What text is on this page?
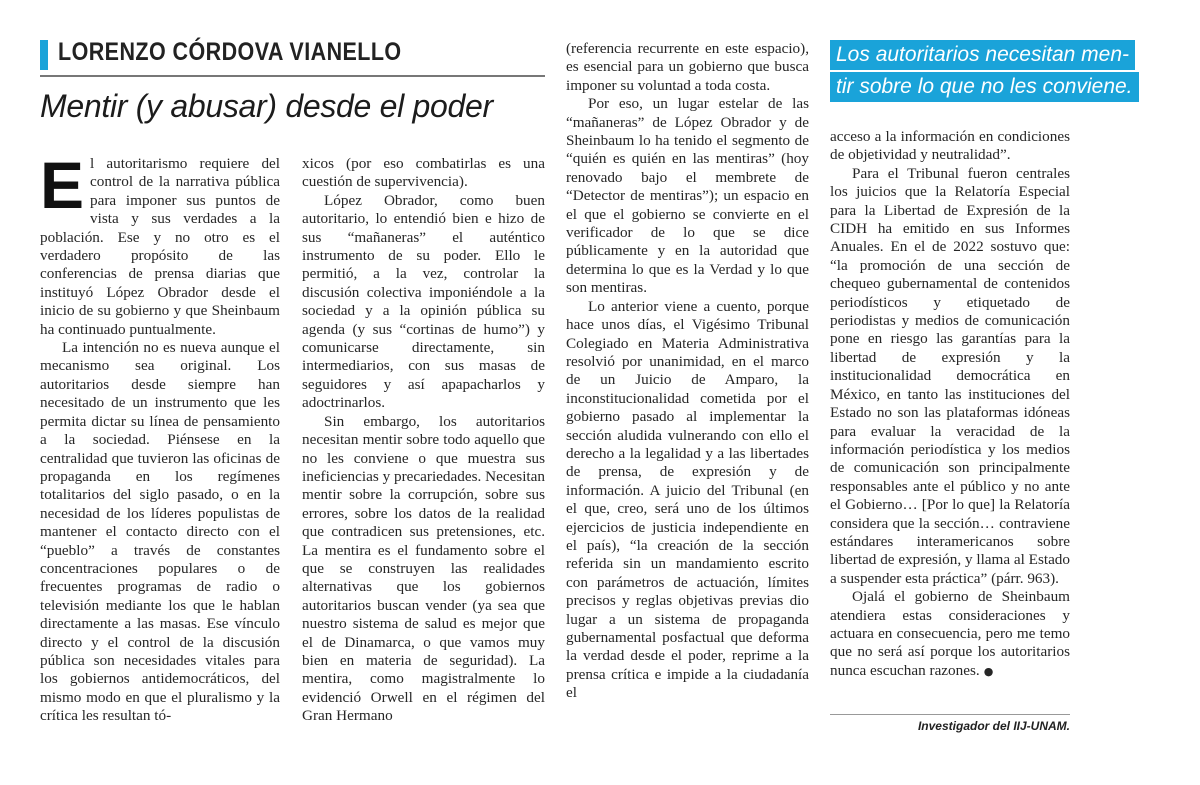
LORENZO CÓRDOVA VIANELLO
Mentir (y abusar) desde el poder

El autoritarismo requiere del control de la narrativa pública para imponer sus puntos de vista y sus verdades a la población. Ese y no otro es el verdadero propósito de las conferencias de prensa diarias que instituyó López Obrador desde el inicio de su gobierno y que Sheinbaum ha continuado puntualmente.

La intención no es nueva aunque el mecanismo sea original. Los autoritarios desde siempre han necesitado de un instrumento que les permita dictar su línea de pensamiento a la sociedad. Piénsese en la centralidad que tuvieron las oficinas de propaganda en los regímenes totalitarios del siglo pasado, o en la necesidad de los líderes populistas de mantener el contacto directo con el “pueblo” a través de constantes concentraciones populares o de frecuentes programas de radio o televisión mediante los que le hablan directamente a las masas. Ese vínculo directo y el control de la discusión pública son necesidades vitales para los gobiernos antidemocráticos, del mismo modo en que el pluralismo y la crítica les resultan tó-

xicos (por eso combatirlas es una cuestión de supervivencia).

López Obrador, como buen autoritario, lo entendió bien e hizo de sus “mañaneras” el auténtico instrumento de su poder. Ello le permitió, a la vez, controlar la discusión colectiva imponiéndole a la sociedad y a la opinión pública su agenda (y sus “cortinas de humo”) y comunicarse directamente, sin intermediarios, con sus masas de seguidores y así apapacharlos y adoctrinarlos.

Sin embargo, los autoritarios necesitan mentir sobre todo aquello que no les conviene o que muestra sus ineficiencias y precariedades. Necesitan mentir sobre la corrupción, sobre sus errores, sobre los datos de la realidad que contradicen sus pretensiones, etc. La mentira es el fundamento sobre el que se construyen las realidades alternativas que los gobiernos autoritarios buscan vender (ya sea que nuestro sistema de salud es mejor que el de Dinamarca, o que vamos muy bien en materia de seguridad). La mentira, como magistralmente lo evidenció Orwell en el régimen del Gran Hermano

(referencia recurrente en este espacio), es esencial para un gobierno que busca imponer su voluntad a toda costa.

Por eso, un lugar estelar de las “mañaneras” de López Obrador y de Sheinbaum lo ha tenido el segmento de “quién es quién en las mentiras” (hoy renovado bajo el membrete de “Detector de mentiras”); un espacio en el que el gobierno se convierte en el verificador de lo que se dice públicamente y en la autoridad que determina lo que es la Verdad y lo que son mentiras.

Lo anterior viene a cuento, porque hace unos días, el Vigésimo Tribunal Colegiado en Materia Administrativa resolvió por unanimidad, en el marco de un Juicio de Amparo, la inconstitucionalidad cometida por el gobierno pasado al implementar la sección aludida vulnerando con ello el derecho a la legalidad y a las libertades de prensa, de expresión y de información. A juicio del Tribunal (en el que, creo, será uno de los últimos ejercicios de justicia independiente en el país), “la creación de la sección referida sin un mandamiento escrito con parámetros de actuación, límites precisos y reglas objetivas previas dio lugar a un sistema de propaganda gubernamental posfactual que deforma la verdad desde el poder, reprime a la prensa crítica e impide a la ciudadanía el

Los autoritarios necesitan men-
tir sobre lo que no les conviene.

acceso a la información en condiciones de objetividad y neutralidad”.

Para el Tribunal fueron centrales los juicios que la Relatoría Especial para la Libertad de Expresión de la CIDH ha emitido en sus Informes Anuales. En el de 2022 sostuvo que: “la promoción de una sección de chequeo gubernamental de contenidos periodísticos y etiquetado de periodistas y medios de comunicación pone en riesgo las garantías para la libertad de expresión y la institucionalidad democrática en México, en tanto las instituciones del Estado no son las plataformas idóneas para evaluar la veracidad de la información periodística y los medios de comunicación son principalmente responsables ante el público y no ante el Gobierno… [Por lo que] la Relatoría considera que la sección… contraviene estándares interamericanos sobre libertad de expresión, y llama al Estado a suspender esta práctica” (párr. 963).

Ojalá el gobierno de Sheinbaum atendiera estas consideraciones y actuara en consecuencia, pero me temo que no será así porque los autoritarios nunca escuchan razones. ●

Investigador del IIJ-UNAM.
